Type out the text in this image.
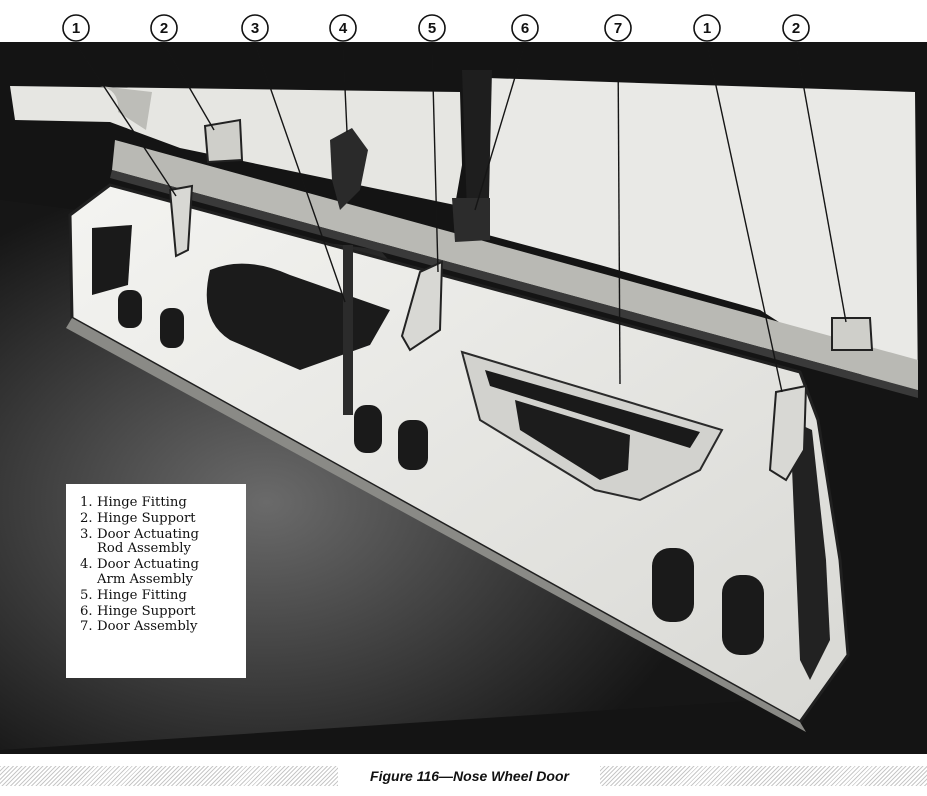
1	2	3	4	5	6	7	1	2
1. Hinge Fitting
2. Hinge Support
3. Door Actuating
Rod Assembly
4. Door Actuating
Arm Assembly
5. Hinge Fitting
6. Hinge Support
7. Door Assembly
Figure 116—Nose Wheel Door
